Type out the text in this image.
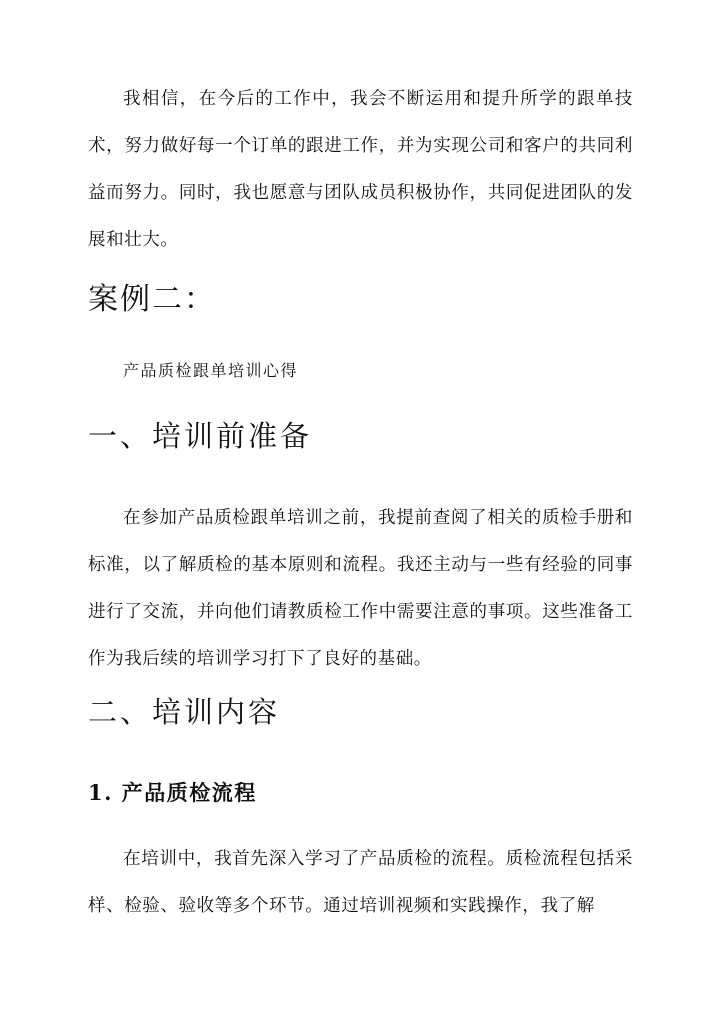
我相信，在今后的工作中，我会不断运用和提升所学的跟单技术，努力做好每一个订单的跟进工作，并为实现公司和客户的共同利益而努力。同时，我也愿意与团队成员积极协作，共同促进团队的发展和壮大。

案例二：

产品质检跟单培训心得

一、培训前准备

在参加产品质检跟单培训之前，我提前查阅了相关的质检手册和标准，以了解质检的基本原则和流程。我还主动与一些有经验的同事进行了交流，并向他们请教质检工作中需要注意的事项。这些准备工作为我后续的培训学习打下了良好的基础。

二、培训内容
1. 产品质检流程

在培训中，我首先深入学习了产品质检的流程。质检流程包括采样、检验、验收等多个环节。通过培训视频和实践操作，我了解
